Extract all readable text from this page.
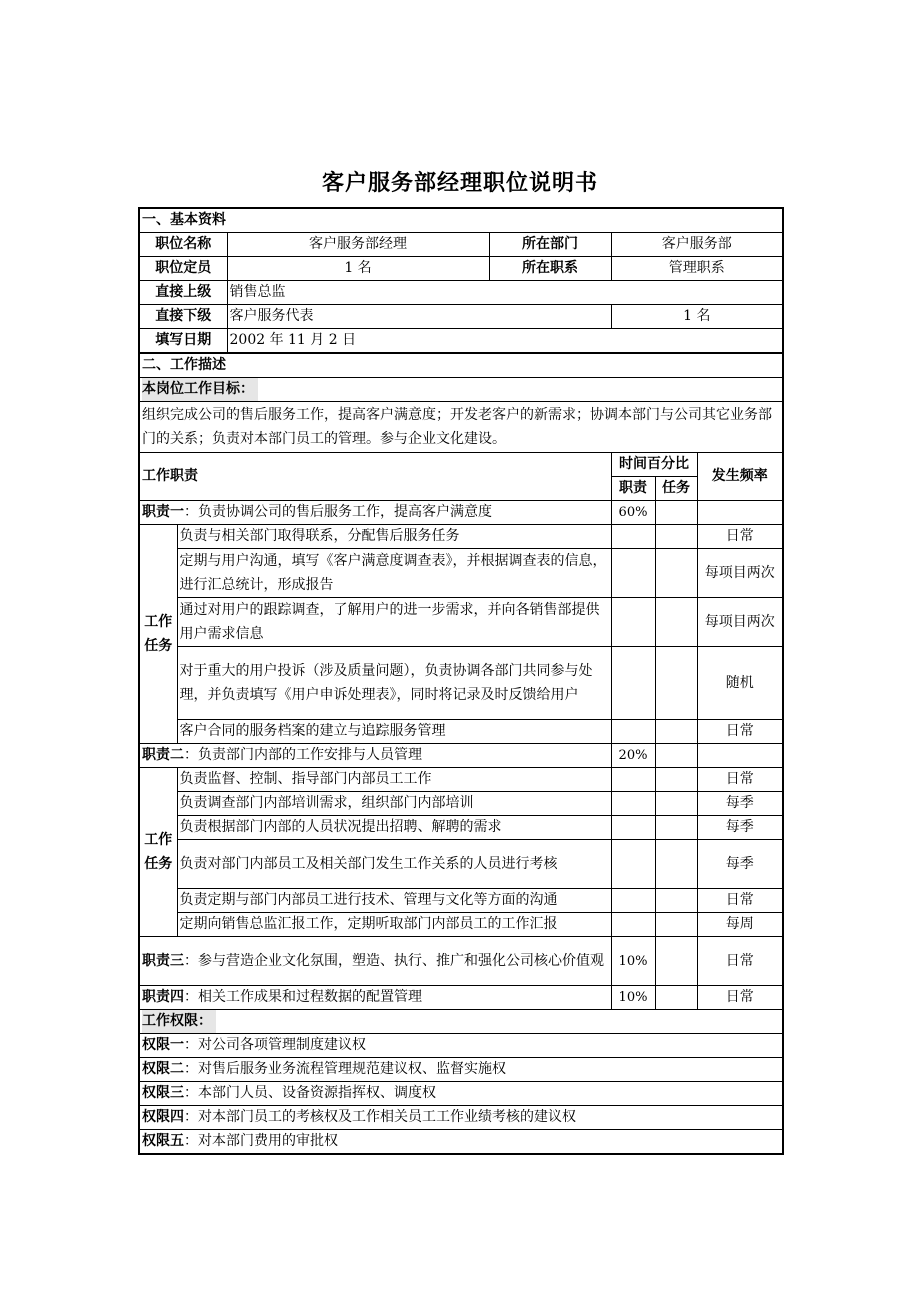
客户服务部经理职位说明书
一、基本资料						
职位名称		客户服务部经理	所在部门	客户服务部		
职位定员		1 名	所在职系	管理职系		
直接上级		销售总监				
直接下级		客户服务代表		1 名		
填写日期		2002 年 11 月 2 日				
二、工作描述						
本岗位工作目标：						
组织完成公司的售后服务工作，提高客户满意度；开发老客户的新需求；协调本部门与公司其它业务部门的关系；负责对本部门员工的管理。参与企业文化建设。						
工作职责				时间百分比		发生频率
				职责	任务	
职责一：负责协调公司的售后服务工作，提高客户满意度				60%		
工作任务	负责与相关部门取得联系，分配售后服务任务					日常
	定期与用户沟通，填写《客户满意度调查表》，并根据调查表的信息，进行汇总统计，形成报告					每项目两次
	通过对用户的跟踪调查，了解用户的进一步需求，并向各销售部提供用户需求信息					每项目两次
	对于重大的用户投诉（涉及质量问题），负责协调各部门共同参与处理，并负责填写《用户申诉处理表》，同时将记录及时反馈给用户					随机
	客户合同的服务档案的建立与追踪服务管理					日常
职责二：负责部门内部的工作安排与人员管理				20%		
工作任务	负责监督、控制、指导部门内部员工工作					日常
	负责调查部门内部培训需求，组织部门内部培训					每季
	负责根据部门内部的人员状况提出招聘、解聘的需求					每季
	负责对部门内部员工及相关部门发生工作关系的人员进行考核					每季
	负责定期与部门内部员工进行技术、管理与文化等方面的沟通					日常
	定期向销售总监汇报工作，定期听取部门内部员工的工作汇报					每周
职责三：参与营造企业文化氛围，塑造、执行、推广和强化公司核心价值观				10%		日常
职责四：相关工作成果和过程数据的配置管理				10%		日常
工作权限：						
权限一：对公司各项管理制度建议权						
权限二：对售后服务业务流程管理规范建议权、监督实施权						
权限三：本部门人员、设备资源指挥权、调度权						
权限四：对本部门员工的考核权及工作相关员工工作业绩考核的建议权						
权限五：对本部门费用的审批权						
